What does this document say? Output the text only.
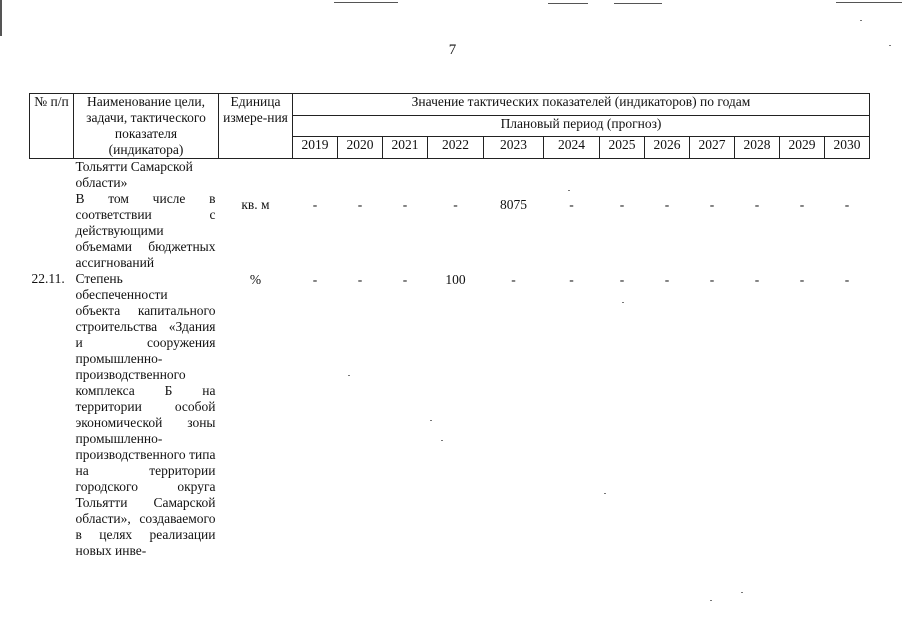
7
№ п/п	Наименование цели, задачи, тактического показателя (индикатора)	Единица измере-ния	Значение тактических показателей (индикаторов) по годам											
			Плановый период (прогноз)											
			2019	2020	2021	2022	2023	2024	2025	2026	2027	2028	2029	2030
	Тольятти Самарской области»													
	В том числе в соответствии с действующими объемами бюджетных ассигнований	кв. м	-	-	-	-	8075	-	-	-	-	-	-	-
22.11.	Степень обеспеченности объекта капитального строительства «Здания и сооружения промышленно-производственного комплекса Б на территории особой экономической зоны промышленно-производственного типа на территории городского округа Тольятти Самарской области», создаваемого в целях реализации новых инве-	%	-	-	-	100	-	-	-	-	-	-	-	-
